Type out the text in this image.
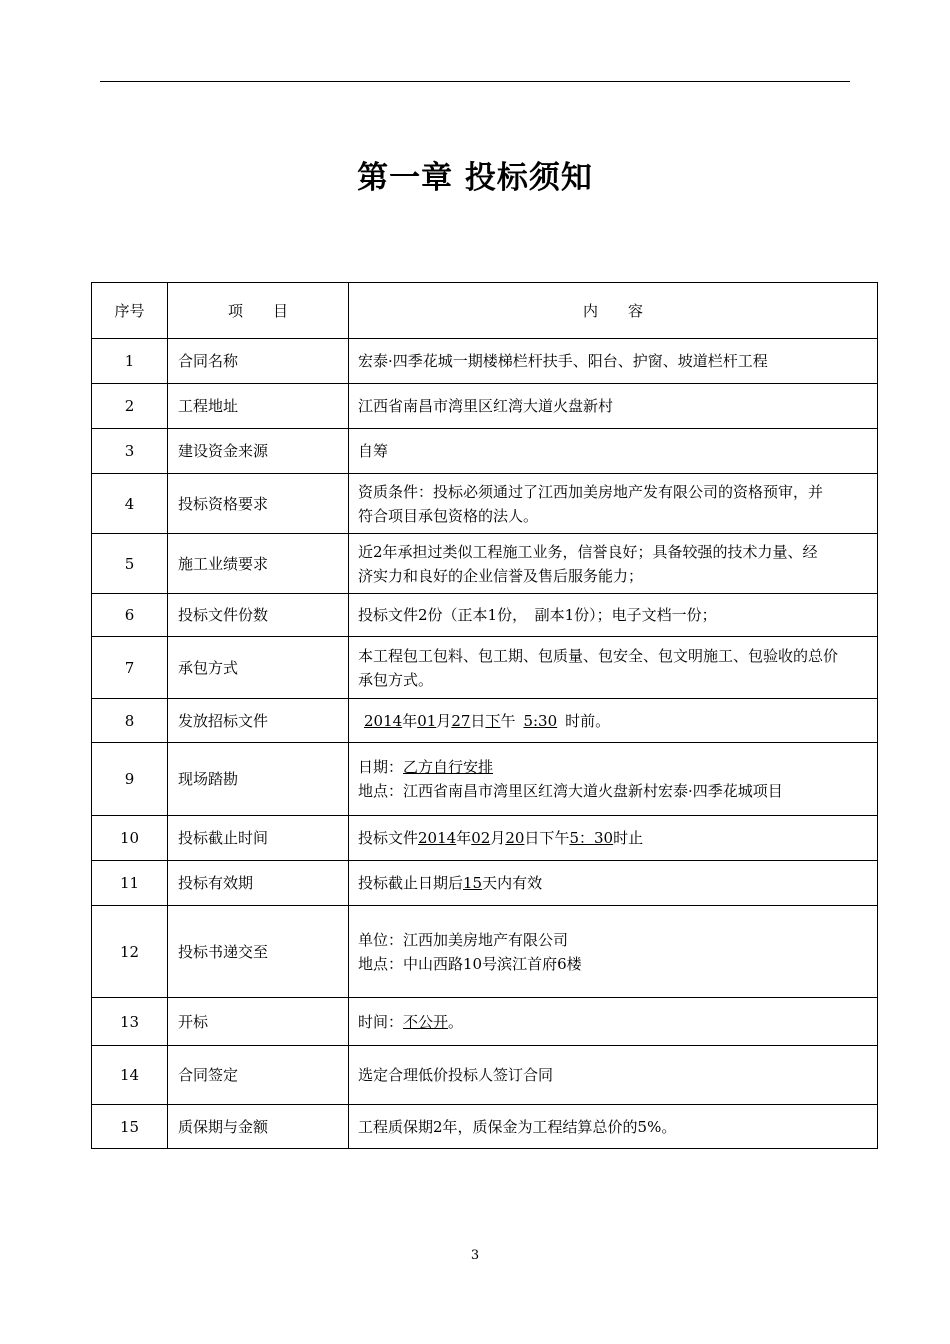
第一章 投标须知
序号	项　　目	内　　容
1	合同名称	宏泰·四季花城一期楼梯栏杆扶手、阳台、护窗、坡道栏杆工程
2	工程地址	江西省南昌市湾里区红湾大道火盘新村
3	建设资金来源	自筹
4	投标资格要求	资质条件：投标必须通过了江西加美房地产发有限公司的资格预审，并
符合项目承包资格的法人。

5	施工业绩要求	近2年承担过类似工程施工业务，信誉良好；具备较强的技术力量、经
济实力和良好的企业信誉及售后服务能力；

6	投标文件份数	投标文件2份（正本1份，　副本1份）；电子文档一份；
7	承包方式	本工程包工包料、包工期、包质量、包安全、包文明施工、包验收的总价
承包方式。

8	发放招标文件	2014年01月27日下午 5:30 时前。
9	现场踏勘	日期：乙方自行安排
地点：江西省南昌市湾里区红湾大道火盘新村宏泰·四季花城项目

10	投标截止时间	投标文件2014年02月20日下午5：30时止
11	投标有效期	投标截止日期后15天内有效
12	投标书递交至	单位：江西加美房地产有限公司
地点：中山西路10号滨江首府6楼

13	开标	时间：不公开。
14	合同签定	选定合理低价投标人签订合同
15	质保期与金额	工程质保期2年，质保金为工程结算总价的5%。
3
